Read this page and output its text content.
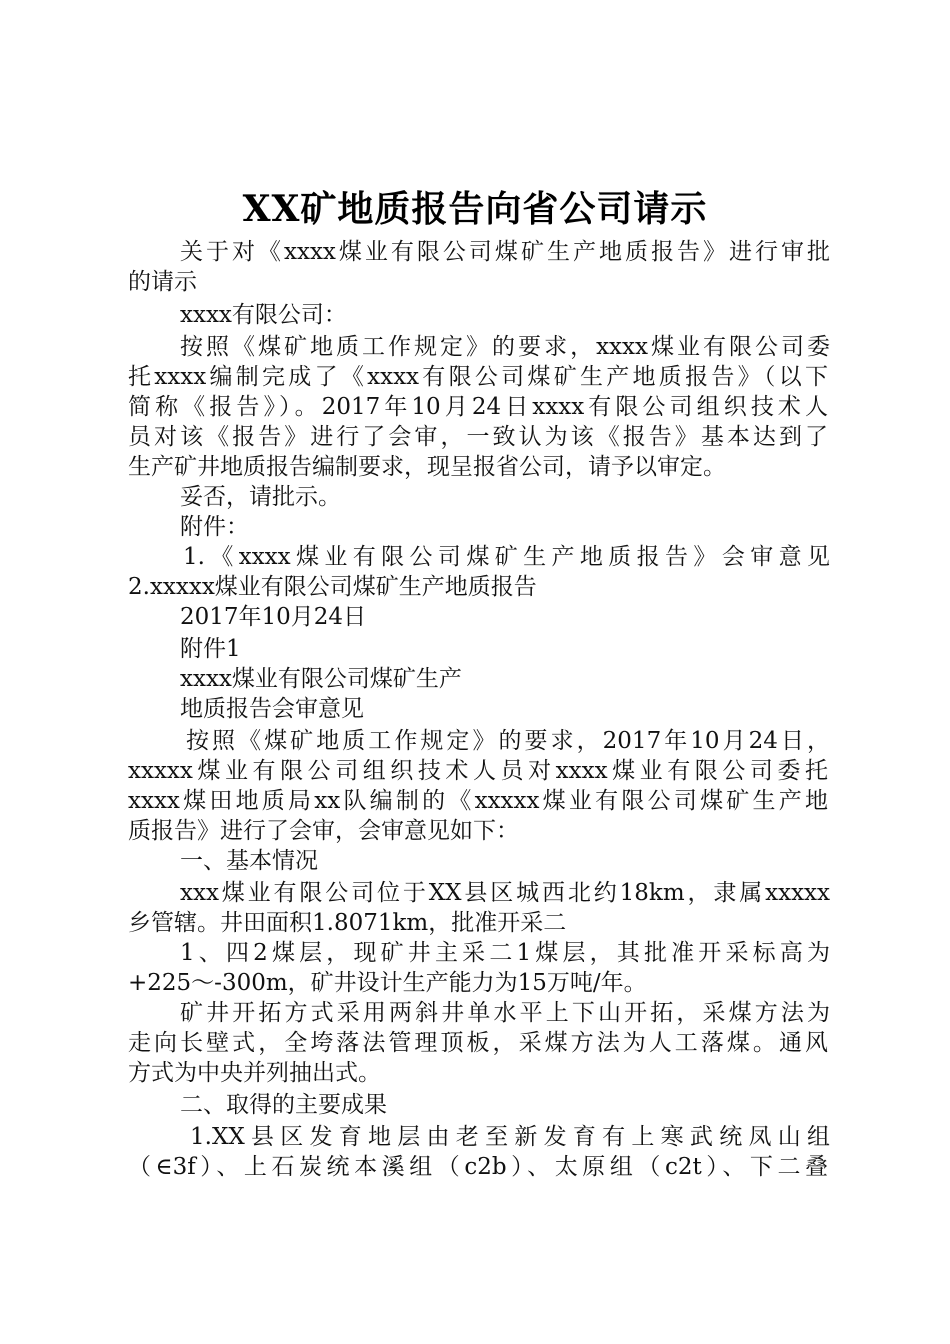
XX矿地质报告向省公司请示
关于对《xxxx煤业有限公司煤矿生产地质报告》进行审批
的请示
xxxx有限公司：
按照《煤矿地质工作规定》的要求，xxxx煤业有限公司委
托xxxx编制完成了《xxxx有限公司煤矿生产地质报告》（以下
简称《报告》）。2017年10月24日xxxx有限公司组织技术人
员对该《报告》进行了会审，一致认为该《报告》基本达到了
生产矿井地质报告编制要求，现呈报省公司，请予以审定。
妥否，请批示。
附件：
1.《xxxx煤业有限公司煤矿生产地质报告》会审意见
2.xxxxx煤业有限公司煤矿生产地质报告
2017年10月24日
附件1
xxxx煤业有限公司煤矿生产
地质报告会审意见
按照《煤矿地质工作规定》的要求，2017年10月24日，
xxxxx煤业有限公司组织技术人员对xxxx煤业有限公司委托
xxxx煤田地质局xx队编制的《xxxxx煤业有限公司煤矿生产地
质报告》进行了会审，会审意见如下：
一、基本情况
xxx煤业有限公司位于XX县区城西北约18km，隶属xxxxx
乡管辖。井田面积1.8071km，批准开采二
1、四2煤层，现矿井主采二1煤层，其批准开采标高为
+225～-300m，矿井设计生产能力为15万吨/年。
矿井开拓方式采用两斜井单水平上下山开拓，采煤方法为
走向长壁式，全垮落法管理顶板，采煤方法为人工落煤。通风
方式为中央并列抽出式。
二、取得的主要成果
1.XX县区发育地层由老至新发育有上寒武统凤山组
（∈3f）、上石炭统本溪组（c2b）、太原组（c2t）、下二叠
